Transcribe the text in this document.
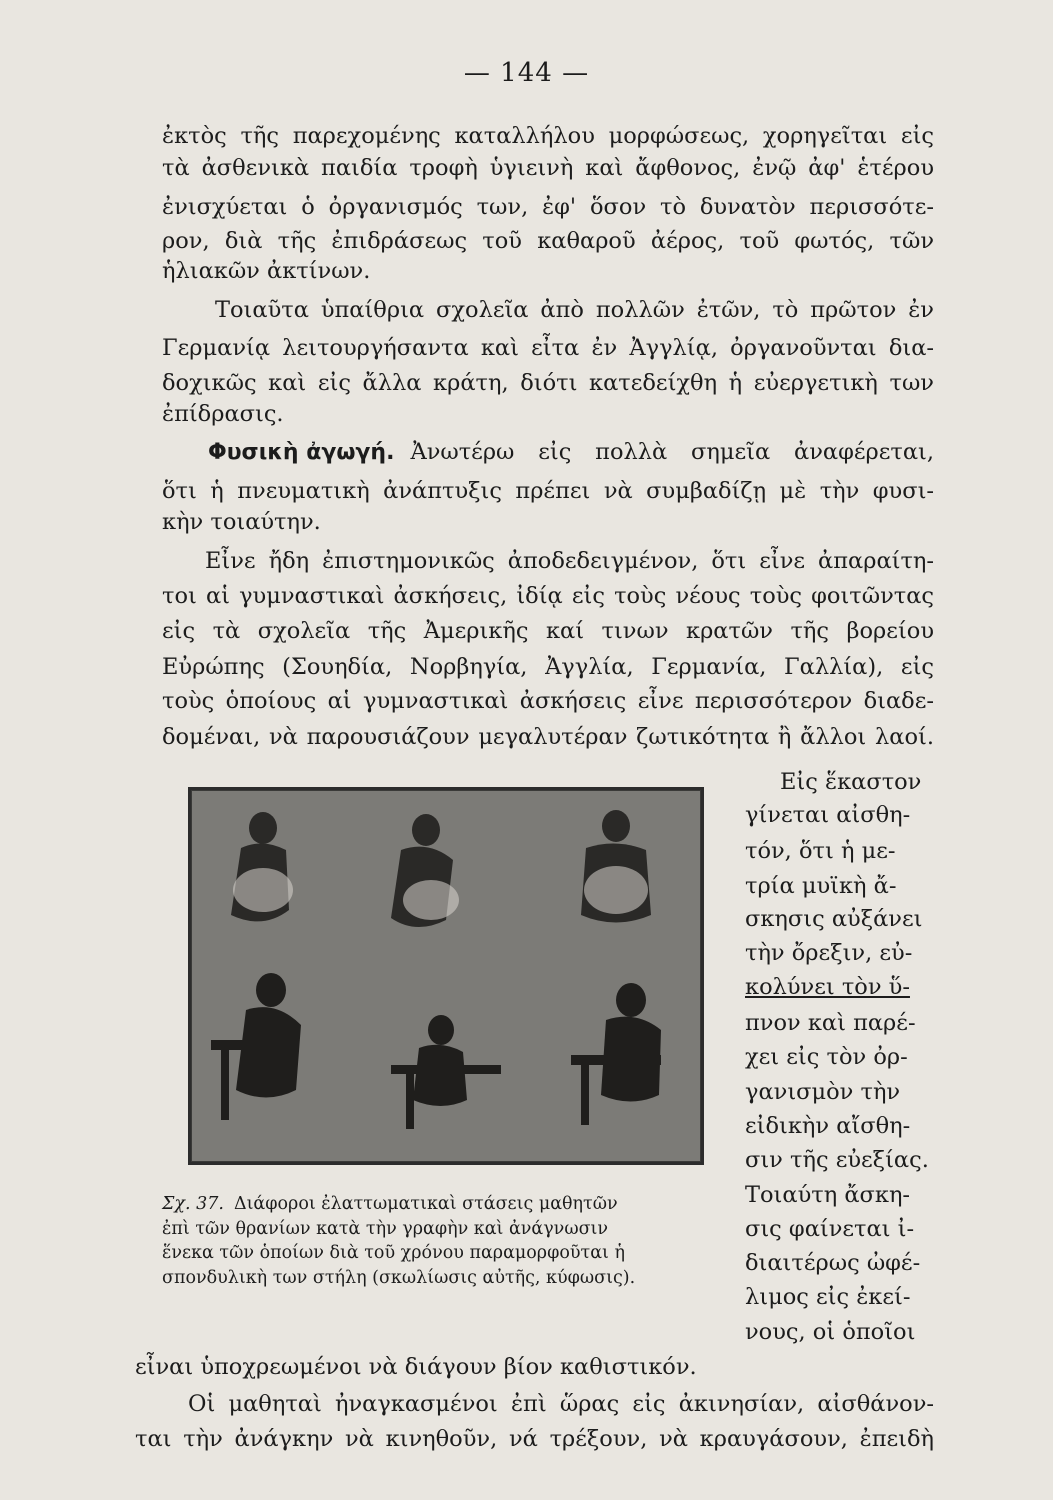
— 144 —
ἐκτὸς τῆς παρεχομένης καταλλήλου μορφώσεως, χορηγεῖται εἰς
τὰ ἀσθενικὰ παιδία τροφὴ ὑγιεινὴ καὶ ἄφθονος, ἐνῷ ἀφ' ἑτέρου
ἐνισχύεται ὁ ὀργανισμός των, ἐφ' ὅσον τὸ δυνατὸν περισσότε-
ρον, διὰ τῆς ἐπιδράσεως τοῦ καθαροῦ ἀέρος, τοῦ φωτός, τῶν
ἡλιακῶν ἀκτίνων.
Τοιαῦτα ὑπαίθρια σχολεῖα ἀπὸ πολλῶν ἐτῶν, τὸ πρῶτον ἐν
Γερμανίᾳ λειτουργήσαντα καὶ εἶτα ἐν Ἀγγλίᾳ, ὀργανοῦνται δια-
δοχικῶς καὶ εἰς ἄλλα κράτη, διότι κατεδείχθη ἡ εὐεργετικὴ των
ἐπίδρασις.
Φυσικὴ ἀγωγή. Ἀνωτέρω εἰς πολλὰ σημεῖα ἀναφέρεται,
ὅτι ἡ πνευματικὴ ἀνάπτυξις πρέπει νὰ συμβαδίζῃ μὲ τὴν φυσι-
κὴν τοιαύτην.
Εἶνε ἤδη ἐπιστημονικῶς ἀποδεδειγμένον, ὅτι εἶνε ἀπαραίτη-
τοι αἱ γυμναστικαὶ ἀσκήσεις, ἰδίᾳ εἰς τοὺς νέους τοὺς φοιτῶντας
εἰς τὰ σχολεῖα τῆς Ἀμερικῆς καί τινων κρατῶν τῆς βορείου
Εὐρώπης (Σουηδία, Νορβηγία, Ἀγγλία, Γερμανία, Γαλλία), εἰς
τοὺς ὁποίους αἱ γυμναστικαὶ ἀσκήσεις εἶνε περισσότερον διαδε-
δομέναι, νὰ παρουσιάζουν μεγαλυτέραν ζωτικότητα ἢ ἄλλοι λαοί.
Εἰς ἕκαστον
γίνεται αἰσθη-
τόν, ὅτι ἡ με-
τρία μυϊκὴ ἄ-
σκησις αὐξάνει
τὴν ὄρεξιν, εὐ-
κολύνει τὸν ὕ-
πνον καὶ παρέ-
χει εἰς τὸν ὀρ-
γανισμὸν τὴν
εἰδικὴν αἴσθη-
σιν τῆς εὐεξίας.
Τοιαύτη ἄσκη-
σις φαίνεται ἰ-
διαιτέρως ὠφέ-
λιμος εἰς ἐκεί-
νους, οἱ ὁποῖοι
Σχ. 37. Διάφοροι ἐλαττωματικαὶ στάσεις μαθητῶν
ἐπὶ τῶν θρανίων κατὰ τὴν γραφὴν καὶ ἀνάγνωσιν
ἕνεκα τῶν ὁποίων διὰ τοῦ χρόνου παραμορφοῦται ἡ
σπονδυλικὴ των στήλη (σκωλίωσις αὐτῆς, κύφωσις).
εἶναι ὑποχρεωμένοι νὰ διάγουν βίον καθιστικόν.
Οἱ μαθηταὶ ἠναγκασμένοι ἐπὶ ὥρας εἰς ἀκινησίαν, αἰσθάνον-
ται τὴν ἀνάγκην νὰ κινηθοῦν, νά τρέξουν, νὰ κραυγάσουν, ἐπειδὴ
